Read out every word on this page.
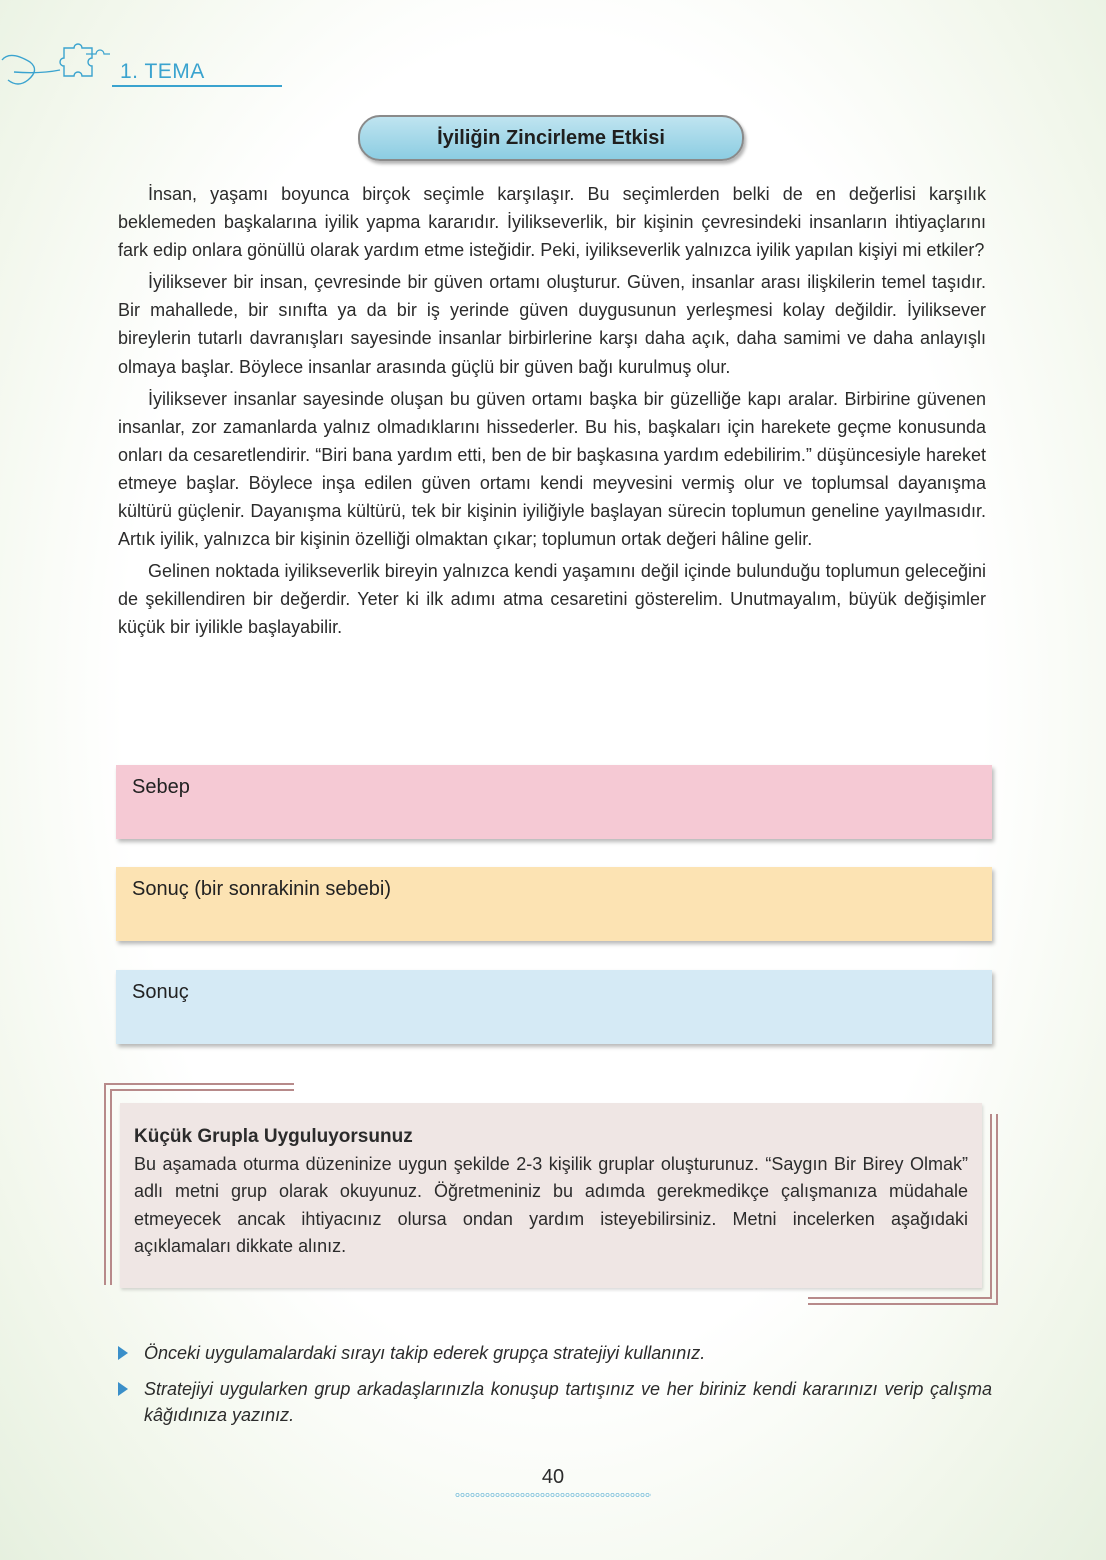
1. TEMA
İyiliğin Zincirleme Etkisi

İnsan, yaşamı boyunca birçok seçimle karşılaşır. Bu seçimlerden belki de en değerlisi karşılık beklemeden başkalarına iyilik yapma kararıdır. İyilikseverlik, bir kişinin çevresindeki insanların ihtiyaçlarını fark edip onlara gönüllü olarak yardım etme isteğidir. Peki, iyilikseverlik yalnızca iyilik yapılan kişiyi mi etkiler?

İyiliksever bir insan, çevresinde bir güven ortamı oluşturur. Güven, insanlar arası ilişkilerin temel taşıdır. Bir mahallede, bir sınıfta ya da bir iş yerinde güven duygusunun yerleşmesi kolay değildir. İyiliksever bireylerin tutarlı davranışları sayesinde insanlar birbirlerine karşı daha açık, daha samimi ve daha anlayışlı olmaya başlar. Böylece insanlar arasında güçlü bir güven bağı kurulmuş olur.

İyiliksever insanlar sayesinde oluşan bu güven ortamı başka bir güzelliğe kapı aralar. Birbirine güvenen insanlar, zor zamanlarda yalnız olmadıklarını hissederler. Bu his, başkaları için harekete geçme konusunda onları da cesaretlendirir. “Biri bana yardım etti, ben de bir başkasına yardım edebilirim.” düşüncesiyle hareket etmeye başlar. Böylece inşa edilen güven ortamı kendi meyvesini vermiş olur ve toplumsal dayanışma kültürü güçlenir. Dayanışma kültürü, tek bir kişinin iyiliğiyle başlayan sürecin toplumun geneline yayılmasıdır. Artık iyilik, yalnızca bir kişinin özelliği olmaktan çıkar; toplumun ortak değeri hâline gelir.

Gelinen noktada iyilikseverlik bireyin yalnızca kendi yaşamını değil içinde bulunduğu toplumun geleceğini de şekillendiren bir değerdir. Yeter ki ilk adımı atma cesaretini gösterelim. Unutmayalım, büyük değişimler küçük bir iyilikle başlayabilir.

Sebep
Sonuç (bir sonrakinin sebebi)
Sonuç
Küçük Grupla Uyguluyorsunuz
Bu aşamada oturma düzeninize uygun şekilde 2-3 kişilik gruplar oluşturunuz. “Saygın Bir Birey Olmak” adlı metni grup olarak okuyunuz. Öğretmeniniz bu adımda gerekmedikçe çalışmanıza müdahale etmeyecek ancak ihtiyacınız olursa ondan yardım isteyebilirsiniz. Metni incelerken aşağıdaki açıklamaları dikkate alınız.
Önceki uygulamalardaki sırayı takip ederek grupça stratejiyi kullanınız.
Stratejiyi uygularken grup arkadaşlarınızla konuşup tartışınız ve her biriniz kendi kararınızı verip çalışma kâğıdınıza yazınız.
40
